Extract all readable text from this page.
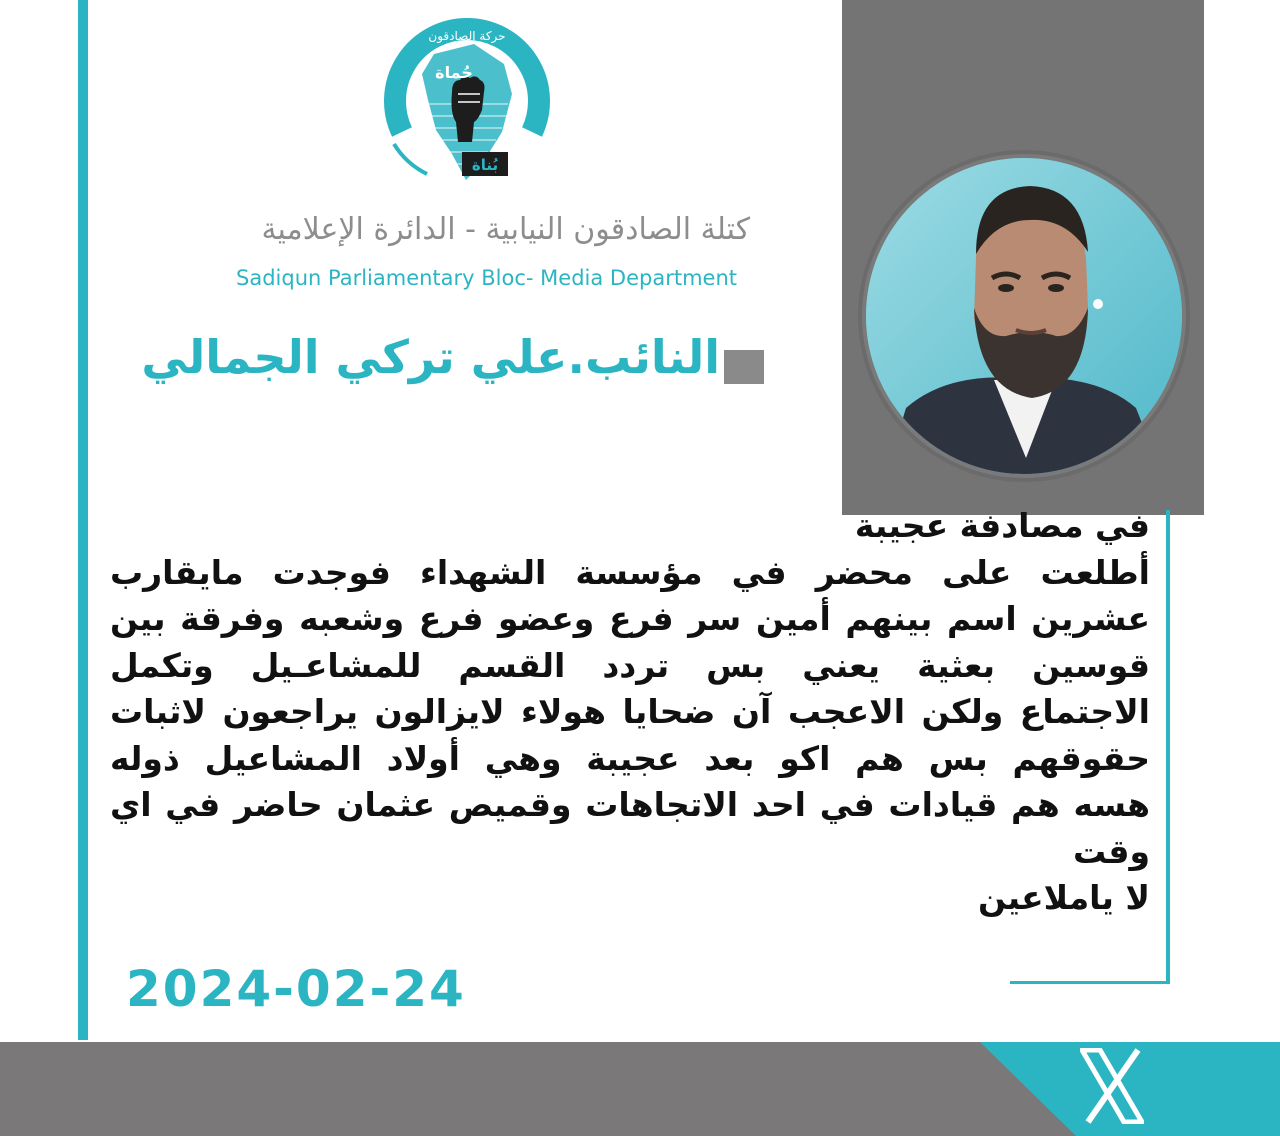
حركة الصادقون
حُماة
بُناة
كتلة الصادقون النيابية - الدائرة الإعلامية
Sadiqun Parliamentary Bloc- Media Department
النائب.علي تركي الجمالي
في مصادفة عجيبة
أطلعت على محضر في مؤسسة الشهداء فوجدت مايقارب
عشرين اسم بينهم أمين سر فرع وعضو فرع وشعبه وفرقة بين
قوسين بعثية يعني بس تردد القسم للمشاعـيل وتكمل
الاجتماع ولكن الاعجب آن ضحايا هولاء لايزالون يراجعون لاثبات
حقوقهم بس هم اكو بعد عجيبة وهي أولاد المشاعيل ذوله
هسه هم قيادات في احد الاتجاهات وقميص عثمان حاضر في اي
وقت
لا ياملاعين
2024-02-24
